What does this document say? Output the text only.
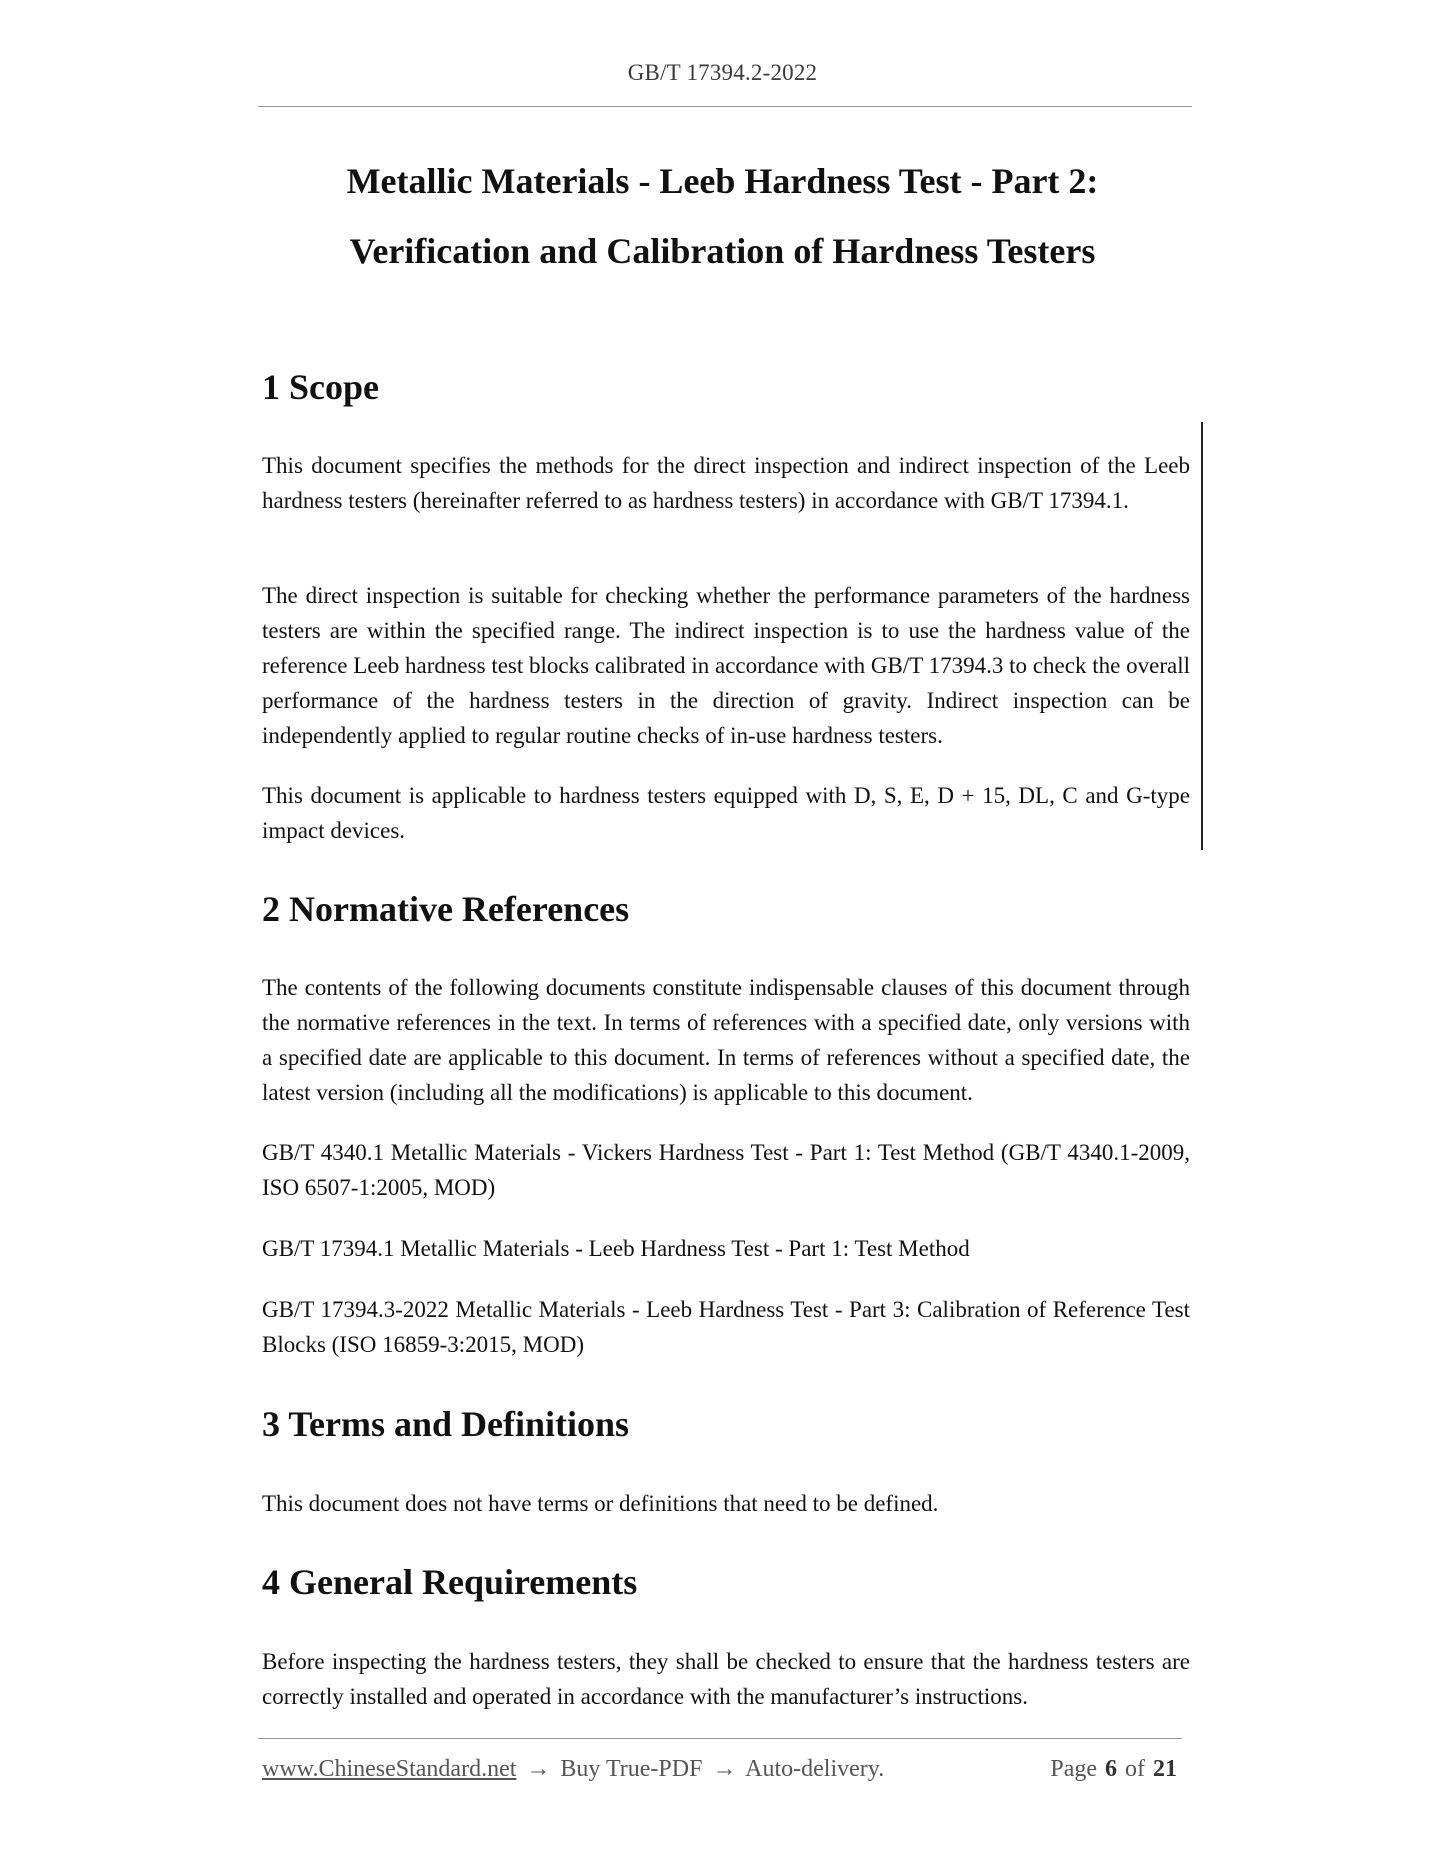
GB/T 17394.2-2022
Metallic Materials - Leeb Hardness Test - Part 2:
Verification and Calibration of Hardness Testers
1 Scope

This document specifies the methods for the direct inspection and indirect inspection of the Leeb hardness testers (hereinafter referred to as hardness testers) in accordance with GB/T 17394.1.

The direct inspection is suitable for checking whether the performance parameters of the hardness testers are within the specified range. The indirect inspection is to use the hardness value of the reference Leeb hardness test blocks calibrated in accordance with GB/T 17394.3 to check the overall performance of the hardness testers in the direction of gravity. Indirect inspection can be independently applied to regular routine checks of in-use hardness testers.

This document is applicable to hardness testers equipped with D, S, E, D + 15, DL, C and G-type impact devices.

2 Normative References

The contents of the following documents constitute indispensable clauses of this document through the normative references in the text. In terms of references with a specified date, only versions with a specified date are applicable to this document. In terms of references without a specified date, the latest version (including all the modifications) is applicable to this document.

GB/T 4340.1 Metallic Materials - Vickers Hardness Test - Part 1: Test Method (GB/T 4340.1-2009, ISO 6507-1:2005, MOD)

GB/T 17394.1 Metallic Materials - Leeb Hardness Test - Part 1: Test Method

GB/T 17394.3-2022 Metallic Materials - Leeb Hardness Test - Part 3: Calibration of Reference Test Blocks (ISO 16859-3:2015, MOD)

3 Terms and Definitions

This document does not have terms or definitions that need to be defined.

4 General Requirements

Before inspecting the hardness testers, they shall be checked to ensure that the hardness testers are correctly installed and operated in accordance with the manufacturer’s instructions.

www.ChineseStandard.net → Buy True-PDF → Auto-delivery.	Page 6 of 21
